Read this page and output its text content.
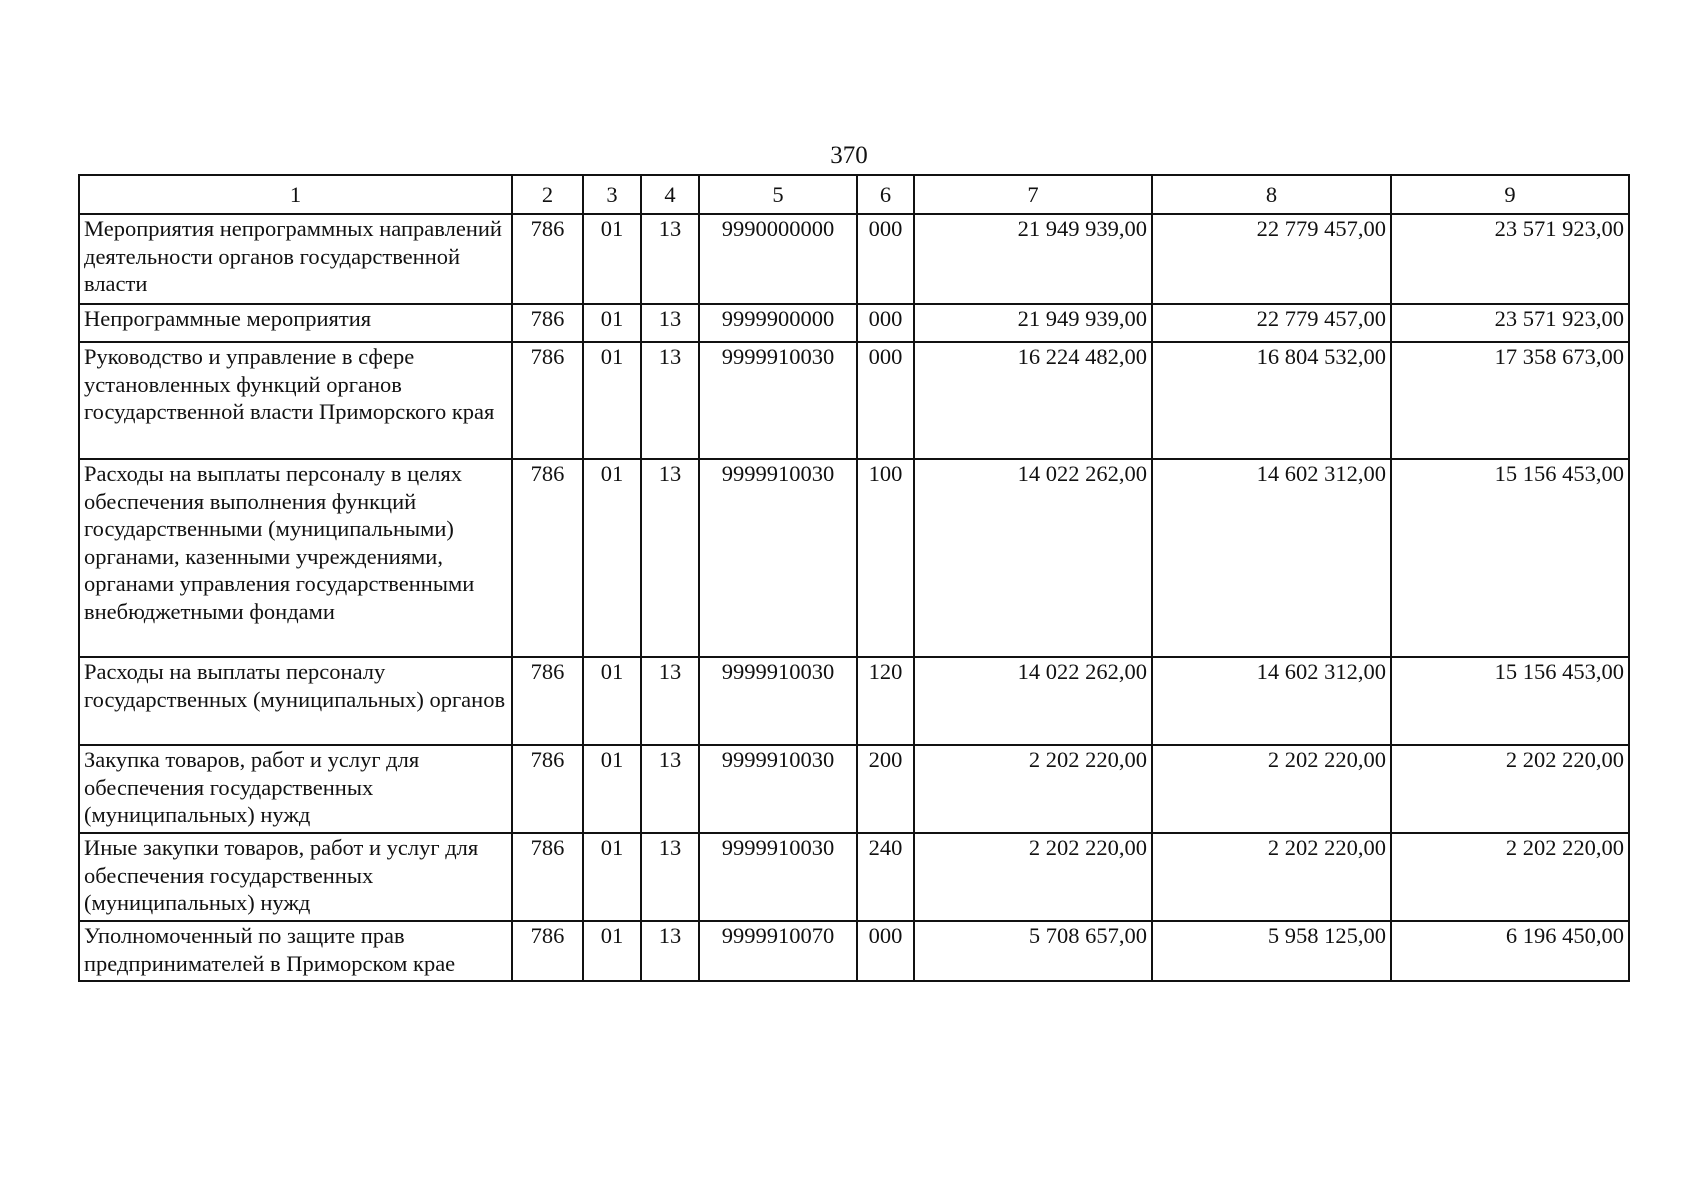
370
1	2	3	4	5	6	7	8	9
Мероприятия непрограммных направлений деятельности органов государственной власти	786	01	13	9990000000	000	21 949 939,00	22 779 457,00	23 571 923,00
Непрограммные мероприятия	786	01	13	9999900000	000	21 949 939,00	22 779 457,00	23 571 923,00
Руководство и управление в сфере установленных функций органов государственной власти Приморского края	786	01	13	9999910030	000	16 224 482,00	16 804 532,00	17 358 673,00
Расходы на выплаты персоналу в целях обеспечения выполнения функций государственными (муниципальными) органами, казенными учреждениями, органами управления государственными внебюджетными фондами	786	01	13	9999910030	100	14 022 262,00	14 602 312,00	15 156 453,00
Расходы на выплаты персоналу государственных (муниципальных) органов	786	01	13	9999910030	120	14 022 262,00	14 602 312,00	15 156 453,00
Закупка товаров, работ и услуг для обеспечения государственных (муниципальных) нужд	786	01	13	9999910030	200	2 202 220,00	2 202 220,00	2 202 220,00
Иные закупки товаров, работ и услуг для обеспечения государственных (муниципальных) нужд	786	01	13	9999910030	240	2 202 220,00	2 202 220,00	2 202 220,00
Уполномоченный по защите прав предпринимателей в Приморском крае	786	01	13	9999910070	000	5 708 657,00	5 958 125,00	6 196 450,00
